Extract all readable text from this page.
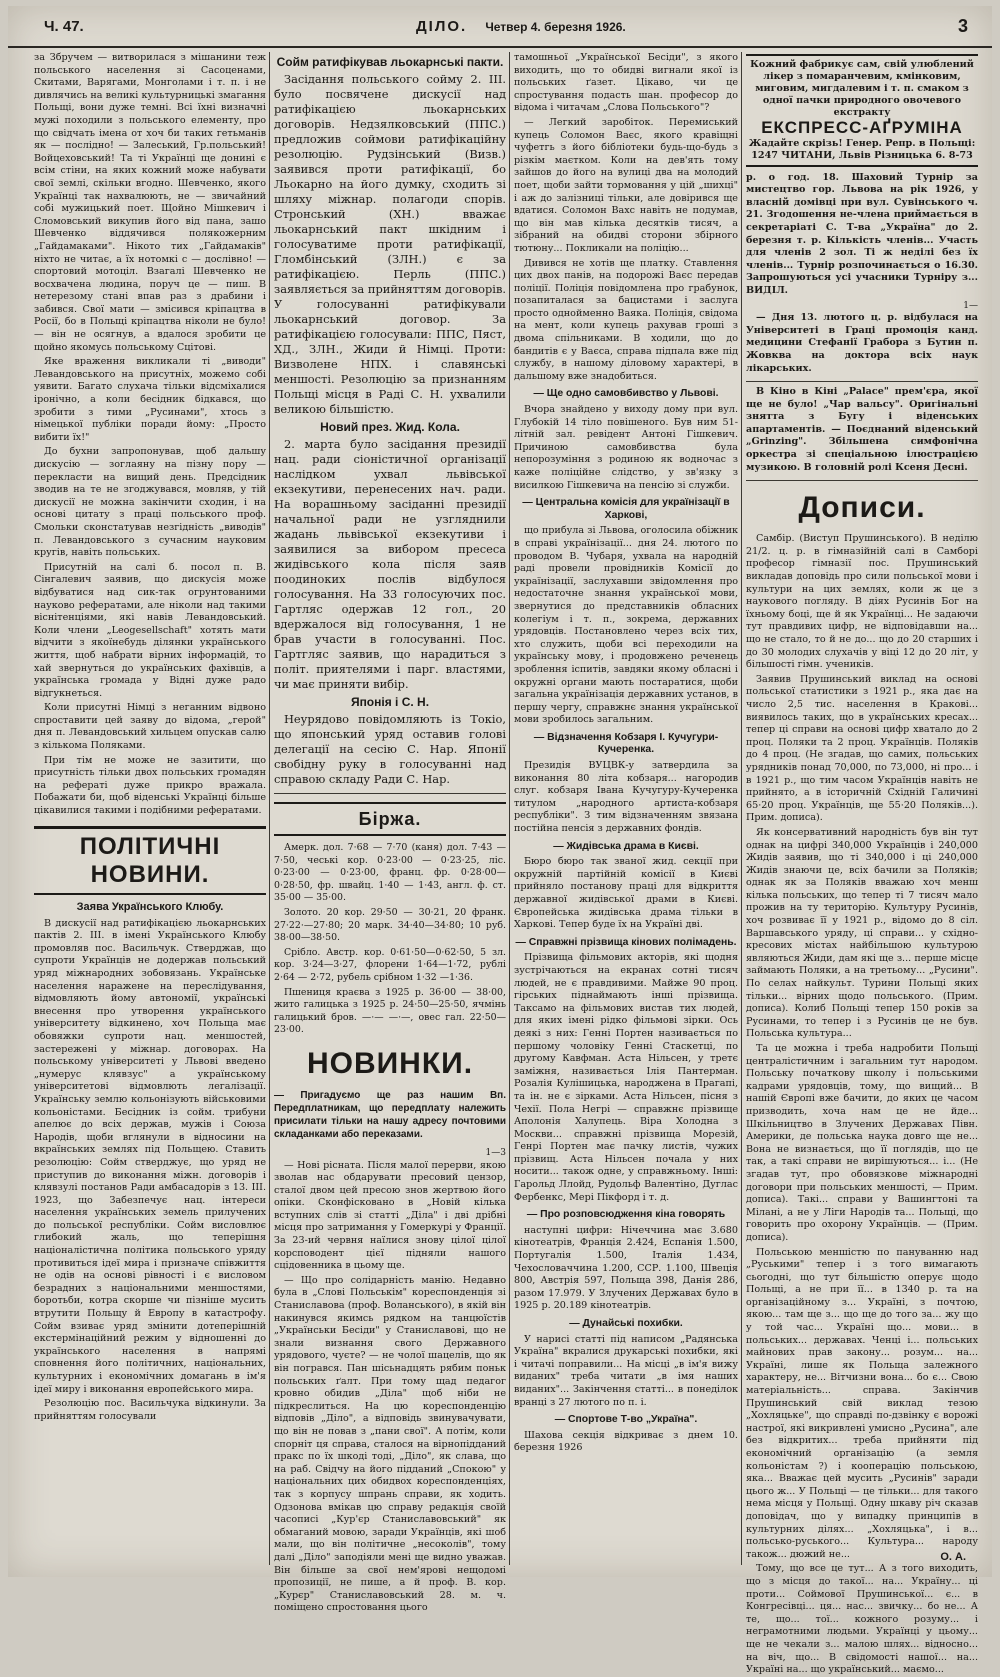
Ч. 47.	ДІЛО. Четвер 4. березня 1926.	3

за Збручем — витворилася з мішанини теж польського населення зі Сасоценами, Скитами, Варягами, Монголами і т. п. і не дивлячись на великі культурницькі змагання Польщі, вони дуже темні. Всі їхні визначні мужі походили з польського елементу, про що свідчать імена от хоч би таких гетьманів як — послідно! — Залеський, Гр.польський! Войцеховський! Та ті Українці ще донині є всім стіни, на яких кожний може набувати свої землі, скільки вгодно. Шевченко, якого Українці так нахвалюють, не — звичайний собі мужицький поет. Щойно Мішкевич і Сломовський викупив його від пана, зашо Шевченко віддячився полякожерним „Гайдамаками". Нікото тих „Гайдамаків" ніхто не читає, а їх нотомкі с — дослівно! — спортовий мотоціл. Взагалі Шевченко не восхвачена людина, поруч це — пиш. В нетерезому стані впав раз з драбини і забився. Свої мати — змісився кріпацтва в Росії, бо в Польщі кріпацтва ніколи не було! — він не осягнув, а вдалося зробити це щойно якомусь польському Сцітові.

Яке враження викликали ті „виводи" Левандовського на присутніх, можемо собі уявити. Багато слухача тільки відсміхалися іронічно, а коли бесідник бідкався, що зробити з тими „Русинами", хтось з німецької публіки поради йому: „Просто вибити їх!"

До бухни запропонував, щоб дальшу дискусію — зоглаяну на пізну пору — перекласти на вищий день. Предсідник зводив на те не згоджувався, мовляв, у тій дискусії не можна закінчити сходин, і на основі цитату з праці польського проф. Смольки сконстатував незгідність „виводів" п. Левандовського з сучасним науковим кругів, навіть польських.

Присутній на салі б. посол п. В. Сінгалевич заявив, що дискусія може відбуватися над сик-так огрунтованими науково рефератами, але ніколи над такими віснітенціями, які навів Левандовський. Коли члени „Leogesellschaft" хотять мати відчити з якоїнебудь ділянки українського життя, щоб набрати вірних інформацій, то хай звернуться до українських фахівців, а українська громада у Відні дуже радо відгукнеться.

Коли присутні Німці з неганним відвоно спроставити цей заяву до відома, „герой" дня п. Левандовський хильцем опускав салю з кількома Поляками.

При тім не може не зазитити, що присутність тільки двох польських громадян на рефераті дуже прикро вражала. Побажати би, щоб віденські Українці більше цікавилися такими і подібними рефератами.

ПОЛІТИЧНІ НОВИНИ.
Заява Українського Клюбу.

В дискусії над ратифікацією льокарнських пактів 2. III. в імені Українського Клюбу промовляв пос. Васильчук. Стверджав, що супроти Українців не додержав польський уряд міжнародних зобовязань. Українське населення наражене на переслідування, відмовляють йому автономії, українські внесення про утворення українського університету відкинено, хоч Польща має обовяжки супроти нац. меншостей, застережені у міжнар. договорах. На польському університеті у Львові введено „нумерус клявзус" а українському університетові відмовлють легалізації. Українську землю кольонізують військовими кольоністами. Бесідник із сойм. трибуни апелює до всіх держав, мужів і Союза Народів, щоби вглянули в відносини на вкраїнських землях під Польщею. Ставить резолюцію: Сойм стверджує, що уряд не приступив до виконання міжн. договорів і клявзулі постанов Ради амбасадорів з 13. III. 1923, що Забезпечує нац. інтереси населення українських земель прилучених до польської республіки. Сойм висловлює глибокий жаль, що теперішня націоналістична політика польського уряду противиться ідеї мира і призначе співжиття не одів на основі рівності і є висловом безрадних з національними меншостями, боротьби, котра скорше чи пізніше мусить втрутити Польщу й Европу в катастрофу. Сойм взиває уряд змінити дотеперішній екстермінаційний режим у відношенні до українського населення в напрямі сповнення його політичних, національних, культурних і економічних домагань в ім'я ідеї миру і виконання европейського мира.

Резолюцію пос. Васильчука відкинули. За прийняттям голосували

Сойм ратифікував льокарнські пакти.

Засідання польського сойму 2. III. було посвячене дискусії над ратифікацією льокарнських договорів. Недзялковський (ППС.) предложив соймови ратифікаційну резолюцію. Рудзінський (Визв.) заявився проти ратифікації, бо Льокарно на його думку, сходить зі шляху міжнар. полагоди спорів. Стронський (ХН.) вважає льокарнський пакт шкідним і голосуватиме проти ратифікації, Гломбінський (ЗЛН.) є за ратифікацією. Перль (ППС.) заявляється за прийняттям договорів. У голосуванні ратифікували льокарнський договор. За ратифікацією голосували: ППС, Пяст, ХД., ЗЛН., Жиди й Німці. Проти: Визволене НПХ. і славянські меншості. Резолюцію за признанням Польщі місця в Раді С. Н. ухвалили великою більшістю.

Новий през. Жид. Кола.

2. марта було засідання президії нац. ради сіоністичної організації наслідком ухвал львівської екзекутиви, перенесених нач. ради. На ворашньому засіданні президії начальної ради не узгляднили жадань львівської екзекутиви і заявилися за вибором пресеса жидівського кола після заяв поодиноких послів відбулося голосування. На 33 голосуючих пос. Гартляс одержав 12 гол., 20 вдержалося від голосування, 1 не брав участи в голосуванні. Пос. Гартгляс заявив, що нарадиться з політ. приятелями і парг. властями, чи має приняти вибір.

Японія і С. Н.

Неурядово повідомляють із Токіо, що японський уряд оставив голові делегації на сесію С. Нар. Японії свобідну руку в голосуванні над справою складу Ради С. Нар.

Біржа.

Амерк. дол. 7·68 — 7·70 (каня) дол. 7·43 — 7·50, чеські кор. 0·23·00 — 0·23·25, ліс. 0·23·00 — 0·23·00, франц. фр. 0·28·00—0·28·50, фр. швайц. 1·40 — 1·43, англ. ф. ст. 35·00 — 35·00.

Золото. 20 кор. 29·50 — 30·21, 20 франк. 27·22·—27·80; 20 марк. 34·40—34·80; 10 руб. 38·00—38·50.

Срібло. Австр. кор. 0·61·50—0·62·50, 5 зл. кор. 3·24—3·27, флорени 1·64—1·72, рублі 2·64 — 2·72, рубель срібном 1·32 —1·36.

Пшениця краєва з 1925 р. 36·00 — 38·00, жито галицька з 1925 р. 24·50—25·50, ячмінь галицький бров. —·— —·—, овес гал. 22·50—23·00.

НОВИНКИ.
— Пригадуємо ще раз нашим Вп. Передплатникам, що передплату належить присилати тільки на нашу адресу почтовими складанками або переказами.
1—3

— Нові рісната. Після малої перерви, якою зволав нас обдарувати пресовий цензор, сталої двом цей пресою знов жертвою його опіки. Сконфісковано в „Новій кілька вступних слів зі статті „Діла" і дві дрібні місця про затримання у Гомеркурі у Франції. За 23-ий червня наїлися знову цілої цілої корсповодент цієї підняли нашого сцідовенника в цьому ще.

— Що про солідарність манію. Недавно була в „Слові Польськім" кореспонденція зі Станиславова (проф. Воланського), в якій він накинувся якимсь рядком на танцюїстів „Українськи Бесіди" у Станиславові, що не знали визнання свого Державного урядового, чуєте? — не чолої шацелів, що як він погрався. Пан шісьнадцять рябим поньк польських ґалт. При тому щад педагог кровно обидив „Діла" щоб ніби не підкреслиться. На цю кореспонденцію відповів „Діло", а відповідь звинувачувати, що він не повав з „пани свої". А потім, коли спорніт ця справа, сталося на вірнопідданий пракс по їх шкоді тоді, „Діло", як слава, що на раб. Свідчу на його підданий „Спокою" у національних цих обидвох кореспонденціях, так з корпусу шпрань справи, як ходить. Одзонова вмікав цю справу редакція своїй часописі „Кур'єр Станиславовський" як обмаганий мовою, заради Українців, які шоб мали, що він політичне „несоколів", тому далі „Діло" заподіяли мені ще видно уважав. Він більше за свої нем'ярові нещодомі пропозиції, не пише, а й проф. В. кор. „Курєр" Станиславовський 28. м. ч. поміщено спростовання цього

тамошньої „Української Бесіди", з якого виходить, що то обидві вигнали якої із польських ґазет. Цікаво, чи це спростування подасть шан. професор до відома і читачам „Слова Польського"?

— Легкий заробіток. Перемиський купець Соломон Ваєс, якого кравіщні чуфетгь з його бібліотеки будь-що-будь з різкім маєтком. Коли на дев'ять тому зайшов до його на вулиці два на молодий поет, щоби зайти тормовання у цій „шихці" і аж до залізниці тільки, але довірився ще вдатися. Соломон Вахс навіть не подумав, що він мав кілька десятків тисяч, а зібраний на обидві сторони збірного тютюну... Покликали на поліцію...

Дивився не хотів ще платку. Ставлення цих двох панів, на подорожі Ваєс передав поліції. Поліція повідомлена про грабунок, позапиталася за бацистами і заслуга просто однойменно Ваяка. Поліція, свідома на мент, коли купець рахував гроші з двома спільниками. В ходили, що до бандитів є у Ваєса, справа підпала вже під службу, в нашому діловому характері, в дальшому вже знадобиться.

— Ще одно самовбивство у Львові.

Вчора знайдено у виходу дому при вул. Глубокій 14 тіло повішеного. Був ним 51-літній зал. ревідент Антоні Гішкевич. Причиною самовбивства була непорозуміння з родиною як водночас з каже поліційне слідство, у зв'язку з висилкою Гішкевича на пенсію зі служби.

— Центральна комісія для українізації в Харкові,

що прибула зі Львова, оголосила обіжник в справі українізації... дня 24. лютого по проводом В. Чубаря, ухвала на народній раді провели провідників Комісії до українізації, заслухавши звідомлення про недостаточне знання української мови, звернутися до представників обласних колегіум і т. п., зокрема, державних урядовців. Постановлено через всіх тих, хто служить, щоби всі переходили на українську мову, і продовжено реченець зроблення іспитів, завдяки якому обласні і окружні органи мають постаратися, щоби загальна українізація державних установ, в першу чергу, справжнє знання української мови зробилось загальним.

— Відзначення Кобзаря І. Кучугури-Кучеренка.

Президія ВУЦВК-у затвердила за виконання 80 літа кобзаря... нагородив слуг. кобзаря Івана Кучугуру-Кучеренка титулом „народного артиста-кобзаря республіки". З тим відзначенням звязана постійна пенсія з державних фондів.

— Жидівська драма в Києві.

Бюро бюро так званої жид. секції при окружній партійній комісії в Києві прийняло постанову праці для відкриття державної жидівської драми в Києві. Європейська жидівська драма тільки в Харкові. Тепер буде їх на Україні дві.

— Справжні прізвища кінових полімадень.

Прізвища фільмових акторів, які щодня зустрічаються на екранах сотні тисяч людей, не є правдивими. Майже 90 проц. гірських піднаймають інші прізвища. Таксамо на фільмових вистав тих людей, для яких імені рідко фільмові зірки. Ось деякі з них: Генні Портен називається по першому чоловіку Генні Стаскетці, по другому Кавфман. Аста Нільсен, у третє заміжня, називається Ілія Пантерман. Розалія Кулішицька, народжена в Прагапі, та ін. не є зірками. Аста Нільсен, пісня з Чехії. Пола Негрі — справжнє прізвище Аполонія Халупець. Віра Холодна з Москви... справжні прізвища Морезій, Генрі Портен має пачку листів, чужих прізвищ. Аста Нільсен почала у них носити... також одне, у справжньому. Інші: Гарольд Ллойд, Рудольф Валентіно, Дуглас Фербенкс, Мері Пікфорд і т. д.

— Про розповсюдження кіна говорять

наступні цифри: Нічеччина має 3.680 кінотеатрів, Франція 2.424, Еспанія 1.500, Португалія 1.500, Італія 1.434, Чехословаччина 1.200, ССР. 1.100, Швеція 800, Австрія 597, Польща 398, Данія 286, разом 17.979. У Злучених Державах було в 1925 р. 20.189 кінотеатрів.

— Дунайські похибки.

У нарисі статті під написом „Радянська Україна" вкралися друкарські похибки, які і читачі поправили... На місці „в ім'я вижу виданих" треба читати „в імя наших виданих"... Закінчення статті... в понеділок вранці з 27 лютого по п. і.

— Спортове Т-во „Україна".

Шахова секція відкриває з днем 10. березня 1926

Кожний фабрикує сам, свій улюблений лікер з помаранчевим, кмінковим, миговим, мигдалевим і т. п. смаком з одної пачки природного овочевого екстракту
ЕКСПРЕСС-АҐРУМІНА
Жадайте скрізь! Генер. Репр. в Польщі: 1247 ЧИТАНИ, Львів Різницька 6. 8-73

р. о год. 18. Шаховий Турнір за мистецтво гор. Львова на рік 1926, у власній домівці при вул. Сувінського ч. 21. Згодошення не-члена приймається в секретаріаті С. Т-ва „Україна" до 2. березня т. р. Кількість членів... Участь для членів 2 зол. Ті ж неділі без їх членів... Турнір розпочинається о 16.30. Запрошуються усі учасники Турніру з... ВИДІЛ.

1—

— Дня 13. лютого ц. р. відбулася на Університеті в Граці промоція канд. медицини Стефанії Грабора з Бутин п. Жовква на доктора всіх наук лікарських.

В Кіно в Кіні „Palace" прем'єра, якої ще не було! „Чар вальсу". Оригінальні знятта з Бугу і віденських апартаментів. — Поєднаний віденський „Grinzing". Збільшена симфонічна оркестра зі спеціальною ілюстрацією музикою. В головній ролі Ксеня Десні.

Дописи.

Самбір. (Виступ Прушинського). В неділю 21/2. ц. р. в гімназійній салі в Самборі професор гімназії пос. Прушинський викладав доповідь про сили польської мови і культури на цих землях, коли ж це з наукового погляду. В діях Русинів Бог на їхньому боці, ще й як Українці... Не задаючи тут правдивих цифр, не відповідавши на... що не стало, то й не до... що до 20 старших і до 30 молодих слухачів у віці 12 до 20 літ, у більшості гімн. учеників.

Заявив Прушинський виклад на основі польської статистики з 1921 р., яка дає на число 2,5 тис. населення в Кракові... виявилось таких, що в українських кресах... тепер ці справи на основі цифр хватало до 2 проц. Поляки та 2 проц. Українців. Поляків до 4 проц. (Не згадав, що самих, польських урядників понад 70,000, по 73,000, ні про... і в 1921 р., що тим часом Українців навіть не прийнято, а в історичній Східній Галичині 65·20 проц. Українців, ще 55·20 Поляків...). Прим. дописа).

Як консервативний народність був він тут однак на цифрі 340,000 Українців і 240,000 Жидів заявив, що ті 340,000 і ці 240,000 Жидів знаючи це, всіх бачили за Поляків; однак як за Поляків вважаю хоч менш кілька польських, що тепер ті 7 тисяч мало прожив на ту територію. Культуру Русинів, хоч розвиває її у 1921 р., відомо до 8 сіл. Варшавського уряду, ці справи... у східно-кресових містах найбільшою культурою являються Жиди, дам які ще з... перше місце займають Поляки, а на третьому... „Русини". По селах найкульт. Турини Польщі яких тільки... вірних щодо польського. (Прим. дописа). Колиб Польщі тепер 150 років за Русинами, то тепер і з Русинів це не був. Польська культура...

Та це можна і треба надробити Польщі централістичним і загальним тут народом. Польську початкову школу і польськими кадрами урядовців, тому, що вищий... В нашій Європі вже бачити, до яких це часом призводить, хоча нам це не йде... Шкільництво в Злучених Державах Півн. Америки, де польська наука довго ще не... Вона не визнається, що її поглядів, що це так, а такі справи не вирішуються... і... (Не згадав тут, про обовязкове міжнародні договори при польських меншості, — Прим. дописа). Такі... справи у Вашингтоні та Мілані, а не у Ліги Народів та... Польщі, що говорить про охорону Українців. — (Прим. дописа).

Польською меншістю по пануванню над „Руськими" тепер і з того вимагають сьогодні, що тут більшістю оперує щодо Польщі, а не при її... в 1340 р. та на організаційному з... Україні, з почтою, якою... там ще з... що ще до того за... жу що у той час... Україні що... мови... в польських... державах. Ченці і... польських майнових прав закону... розум... на... Україні, лише як Польща залежного характеру, не... Вітчизни вона... бо є... Свою матеріальність... справа. Закінчив Прушинський свій виклад тезою „Хохляцьке", що справді по-дзвінку є ворожі настрої, які викривлені умисно „Русина", але без відкритих... треба прийняти під економічний організацію (а земля кольоністам ?) і кооперацію польською, яка... Вважає цей мусить „Русинів" заради цього ж... У Польщі — це тільки... для такого нема місця у Польщі. Одну шкаву річ сказав доповідач, що у випадку принципів в культурних ділях... „Хохляцька", і в... польсько-руського... Культура... народу також... дюжий не...

Тому, що все це тут... А з того виходить, що з місця до такої... на... Україну... ці проти... Соймової Прушинської... є... в Конгресівці... ця... нас... звичку... бо не... А те, що... тої... кожного розуму... і неграмотними людьми. Українці у цьому... ще не чекали з... малою шлях... відносно... на віч, що... В свідомості нашої... на... Україні на... що український... маємо...

О. А.
